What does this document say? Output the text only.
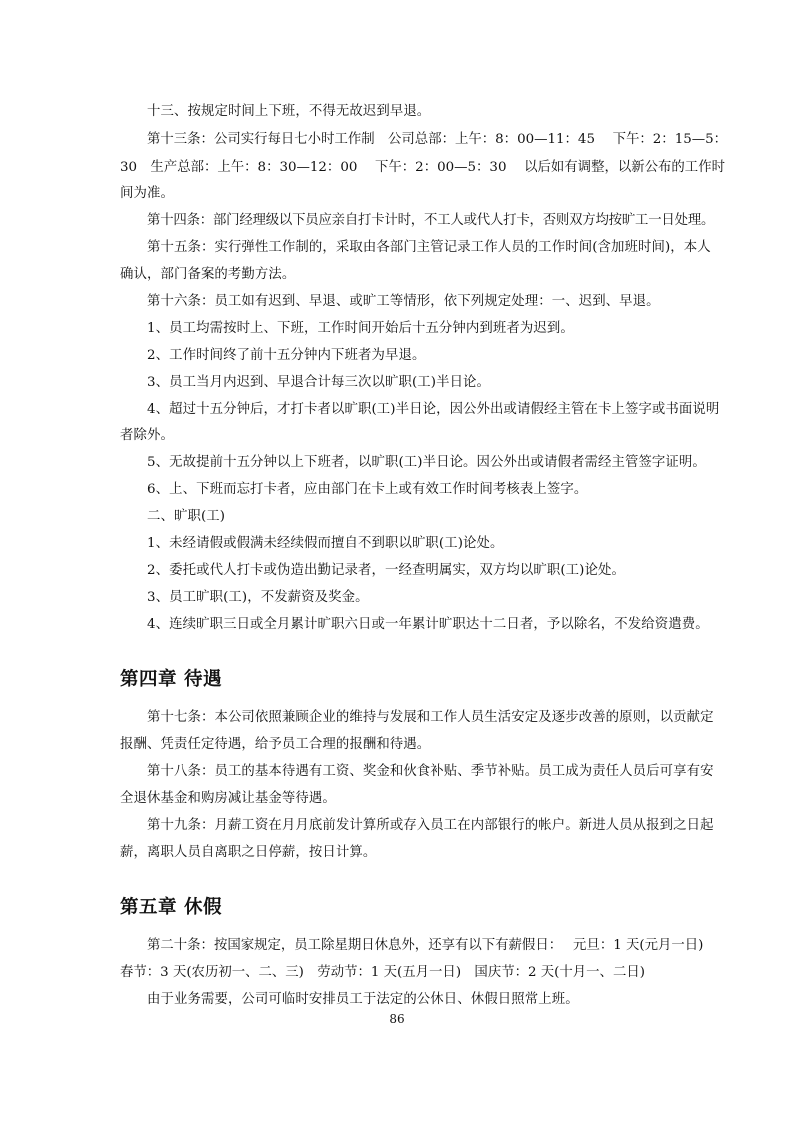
十三、按规定时间上下班，不得无故迟到早退。
第十三条：公司实行每日七小时工作制　公司总部：上午：8：00—11：45　 下午：2：15—5：
30　生产总部：上午：8：30—12：00　 下午：2：00—5：30　 以后如有调整，以新公布的工作时
间为准。
第十四条：部门经理级以下员应亲自打卡计时，不工人或代人打卡，否则双方均按旷工一日处理。
第十五条：实行弹性工作制的，采取由各部门主管记录工作人员的工作时间(含加班时间)，本人
确认，部门备案的考勤方法。
第十六条：员工如有迟到、早退、或旷工等情形，依下列规定处理：一、迟到、早退。
1、员工均需按时上、下班，工作时间开始后十五分钟内到班者为迟到。
2、工作时间终了前十五分钟内下班者为早退。
3、员工当月内迟到、早退合计每三次以旷职(工)半日论。
4、超过十五分钟后，才打卡者以旷职(工)半日论，因公外出或请假经主管在卡上签字或书面说明
者除外。
5、无故提前十五分钟以上下班者，以旷职(工)半日论。因公外出或请假者需经主管签字证明。
6、上、下班而忘打卡者，应由部门在卡上或有效工作时间考核表上签字。
二、旷职(工)
1、未经请假或假满未经续假而擅自不到职以旷职(工)论处。
2、委托或代人打卡或伪造出勤记录者，一经查明属实，双方均以旷职(工)论处。
3、员工旷职(工)，不发薪资及奖金。
4、连续旷职三日或全月累计旷职六日或一年累计旷职达十二日者，予以除名，不发给资遣费。
第四章 待遇
第十七条：本公司依照兼顾企业的维持与发展和工作人员生活安定及逐步改善的原则，以贡献定
报酬、凭责任定待遇，给予员工合理的报酬和待遇。
第十八条：员工的基本待遇有工资、奖金和伙食补贴、季节补贴。员工成为责任人员后可享有安
全退休基金和购房减让基金等待遇。
第十九条：月薪工资在月月底前发计算所或存入员工在内部银行的帐户。新进人员从报到之日起
薪，离职人员自离职之日停薪，按日计算。
第五章 休假
第二十条：按国家规定，员工除星期日休息外，还享有以下有薪假日：　 元旦：1 天(元月一日)
春节：3 天(农历初一、二、三)　劳动节：1 天(五月一日)　国庆节：2 天(十月一、二日)
由于业务需要，公司可临时安排员工于法定的公休日、休假日照常上班。
86
